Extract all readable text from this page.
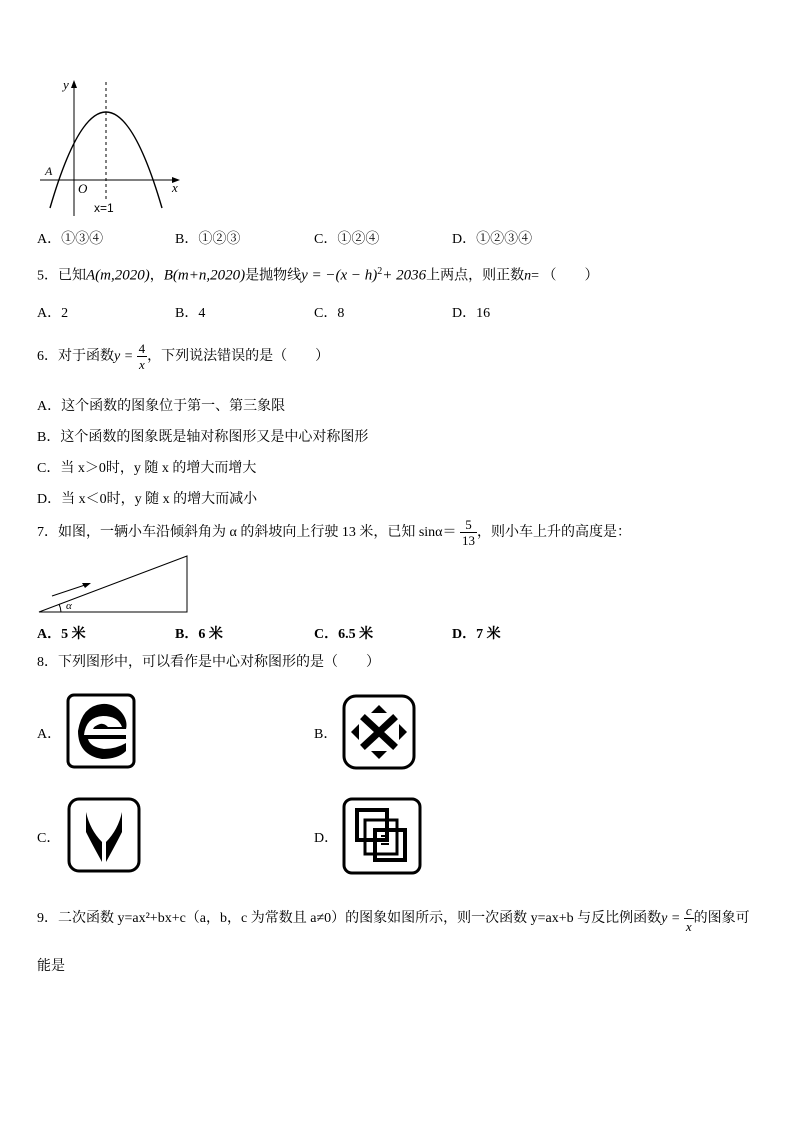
y
x
O
A
x=1
A．①③④	B．①②③	C．①②④	D．①②③④
5．已知A(m,2020)，B(m+n,2020)是抛物线$y = -(x - h)^2+ 2036$上两点，则正数n= （　　）
A．2	B．4	C．8	D．16
6．对于函数$y = \frac{4}{x}$ ，下列说法错误的是（　　）
A．这个函数的图象位于第一、第三象限
B．这个函数的图象既是轴对称图形又是中心对称图形
C．当 x＞0时，y 随 x 的增大而增大
D．当 x＜0时，y 随 x 的增大而减小
7．如图，一辆小车沿倾斜角为 α 的斜坡向上行驶 13 米，已知 $\sin\alpha= \frac{5}{13}$ ，则小车上升的高度是：
α
A．5 米	B．6 米	C．6.5 米	D．7 米
8．下列图形中，可以看作是中心对称图形的是（　　）
A．	B．
C．	D．
9．二次函数 y=ax²+bx+c（a，b，c 为常数且 a≠0）的图象如图所示，则一次函数 y=ax+b 与反比例函数$y = \frac{c}{x}$ 的图象可
能是
